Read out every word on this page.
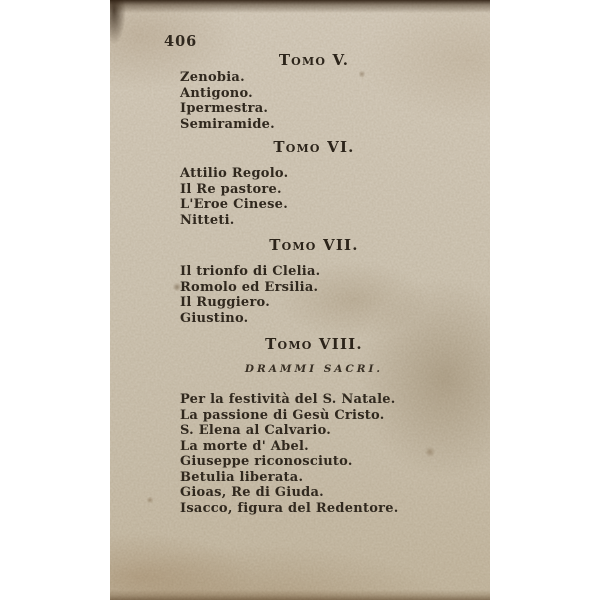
406
Tomo V.
Zenobia.
Antigono.
Ipermestra.
Semiramide.
Tomo VI.
Attilio Regolo.
Il Re pastore.
L'Eroe Cinese.
Nitteti.
Tomo VII.
Il trionfo di Clelia.
Romolo ed Ersilia.
Il Ruggiero.
Giustino.
Tomo VIII.
DRAMMI SACRI.
Per la festività del S. Natale.
La passione di Gesù Cristo.
S. Elena al Calvario.
La morte d' Abel.
Giuseppe riconosciuto.
Betulia liberata.
Gioas, Re di Giuda.
Isacco, figura del Redentore.
